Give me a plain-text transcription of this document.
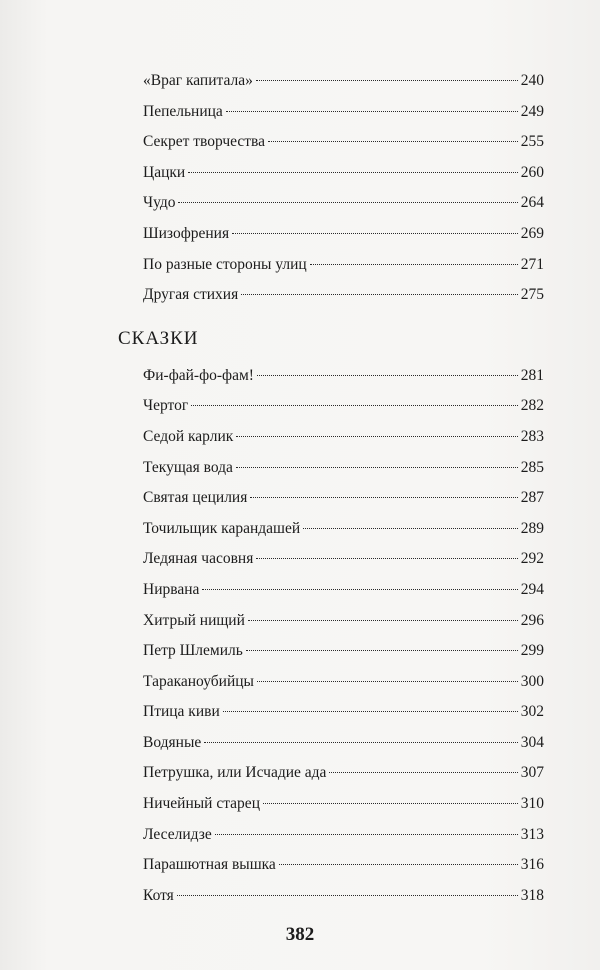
«Враг капитала»	240
Пепельница	249
Секрет творчества	255
Цацки	260
Чудо	264
Шизофрения	269
По разные стороны улиц	271
Другая стихия	275
СКАЗКИ
Фи-фай-фо-фам!	281
Чертог	282
Седой карлик	283
Текущая вода	285
Святая цецилия	287
Точильщик карандашей	289
Ледяная часовня	292
Нирвана	294
Хитрый нищий	296
Петр Шлемиль	299
Тараканоубийцы	300
Птица киви	302
Водяные	304
Петрушка, или Исчадие ада	307
Ничейный старец	310
Леселидзе	313
Парашютная вышка	316
Котя	318
382
